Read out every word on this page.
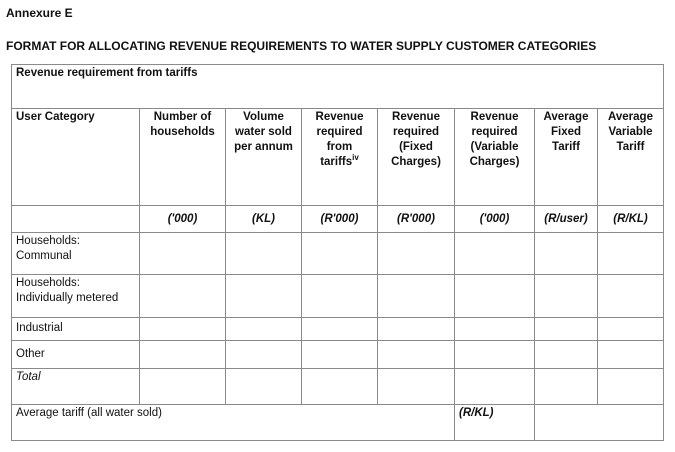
Annexure E
FORMAT FOR ALLOCATING REVENUE REQUIREMENTS TO WATER SUPPLY CUSTOMER CATEGORIES
Revenue requirement from tariffs							
User Category	Number of households	Volume water sold per annum	Revenue required from tariffs$^{iv}$	Revenue required (Fixed Charges)	Revenue required (Variable Charges)	Average Fixed Tariff	Average Variable Tariff
	('000)	(KL)	(R'000)	(R'000)	('000)	(R/user)	(R/KL)
Households: Communal							
Households: Individually metered							
Industrial							
Other							
Total							
Average tariff (all water sold)					(R/KL)		
